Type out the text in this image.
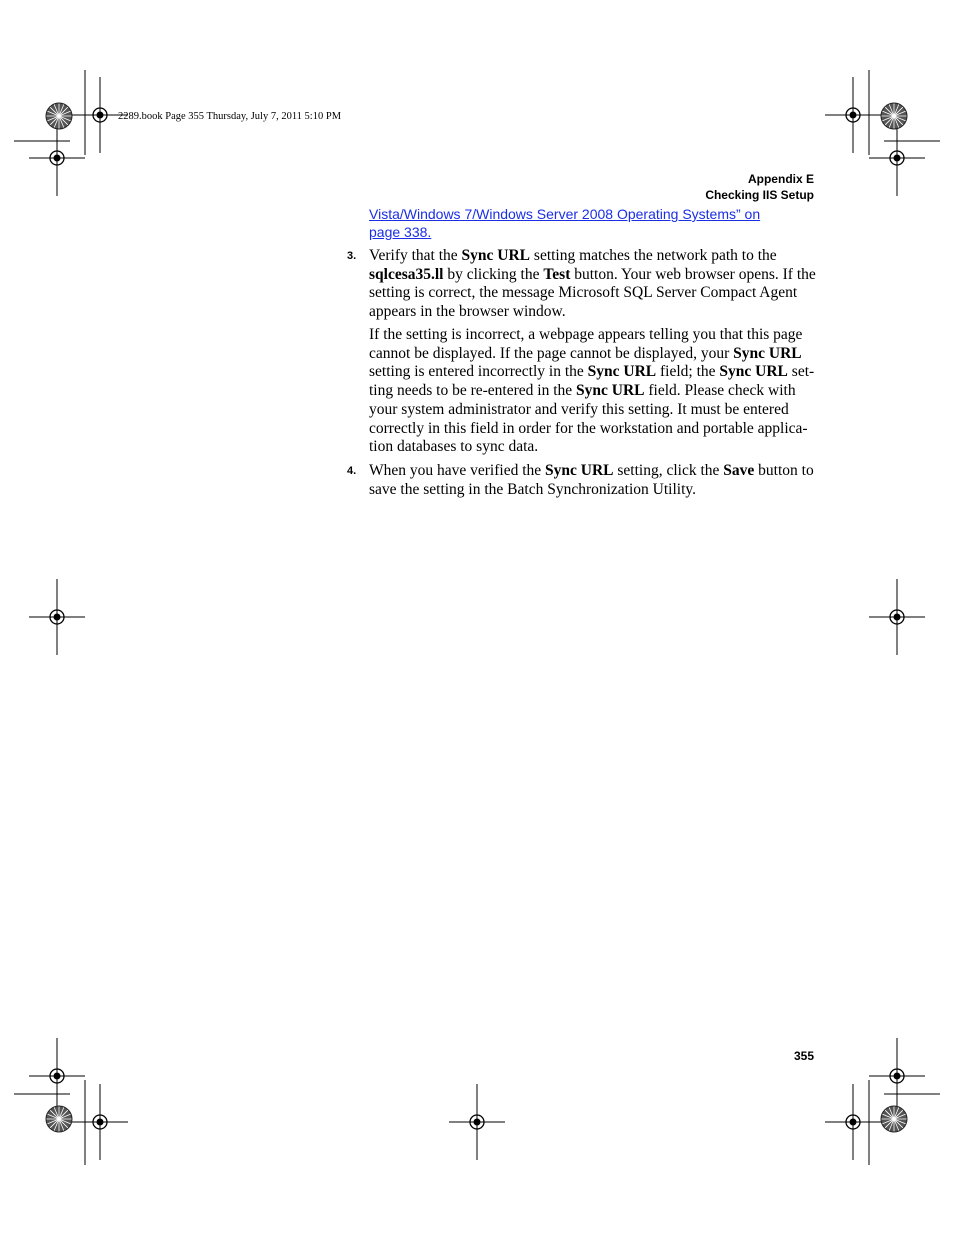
2289.book Page 355 Thursday, July 7, 2011 5:10 PM
Appendix E
Checking IIS Setup
Vista/Windows 7/Windows Server 2008 Operating Systems” on
page 338.
3. Verify that the Sync URL setting matches the network path to the sqlcesa35.ll by clicking the Test button. Your web browser opens. If the setting is correct, the message Microsoft SQL Server Compact Agent appears in the browser window.
If the setting is incorrect, a webpage appears telling you that this page cannot be displayed. If the page cannot be displayed, your Sync URL setting is entered incorrectly in the Sync URL field; the Sync URL set-ting needs to be re-entered in the Sync URL field. Please check with your system administrator and verify this setting. It must be entered correctly in this field in order for the workstation and portable applica-tion databases to sync data.
4. When you have verified the Sync URL setting, click the Save button to save the setting in the Batch Synchronization Utility.
355
